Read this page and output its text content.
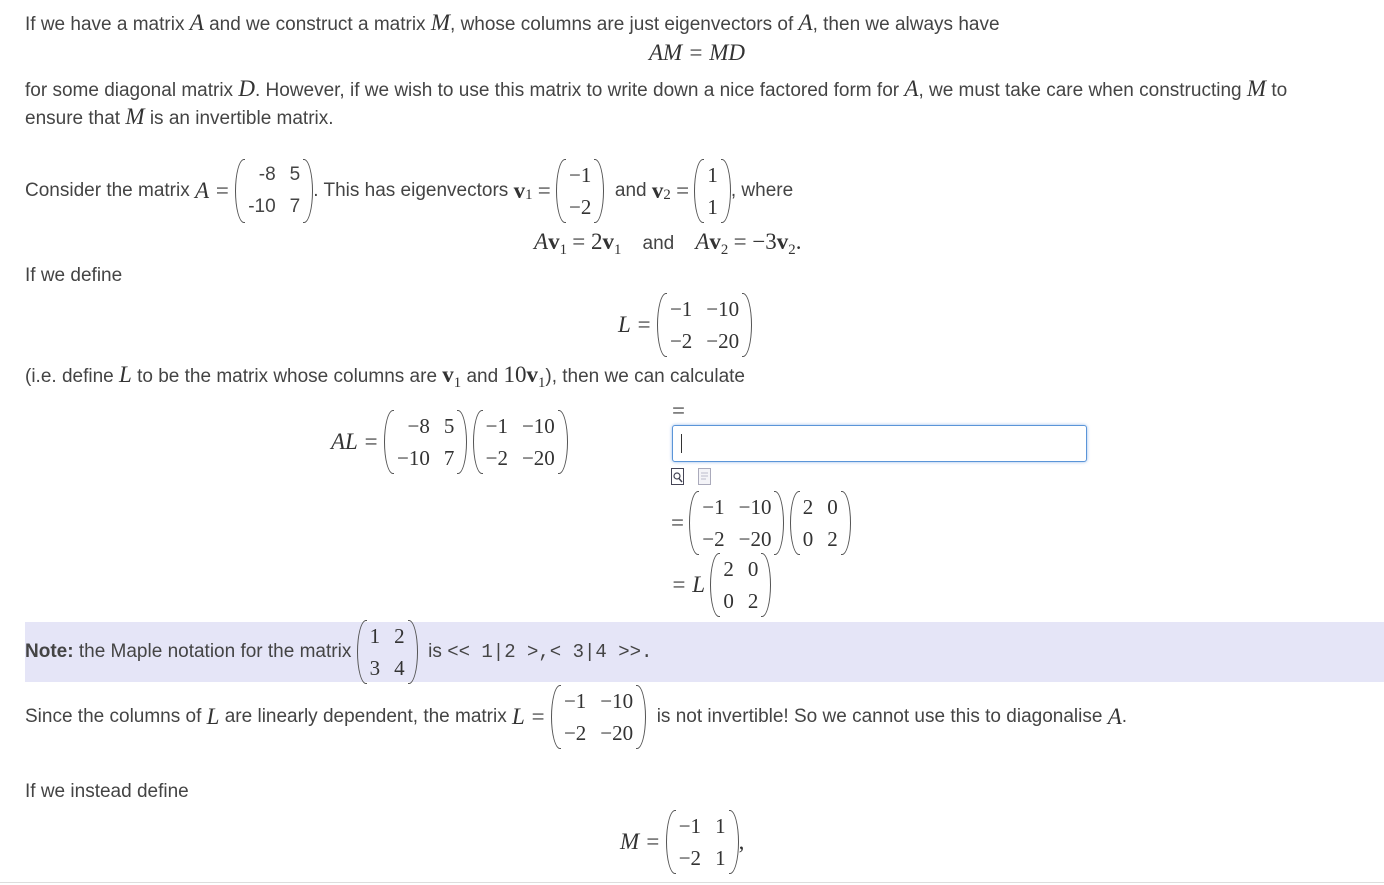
If we have a matrix A and we construct a matrix M, whose columns are just eigenvectors of A, then we always have
AM = MD
for some diagonal matrix D. However, if we wish to use this matrix to write down a nice factored form for A, we must take care when constructing M to
ensure that M is an invertible matrix.
Consider the matrix
A =

-8 5
-10 7
. This has eigenvectors
v 1
=

−1
−2

and
v 2
=

1
1
, where
$Av_1 = 2v_1$ and $Av_2 = -3v_2$.
If we define
L =

−1 −10
−2 −20
(i.e. define L to be the matrix whose columns are $v_1$ and $10v_1$), then we can calculate
AL =

−8 5
−10 7

−1 −10
−2 −20
=
=

−1 −10
−2 −20

2 0
0 2
= L

2 0
0 2
Note:
the Maple notation for the matrix

1 2
3 4

is
<< 1|2 >,< 3|4 >>.
Since the columns of
L
are linearly dependent, the matrix
L =

−1 −10
−2 −20

is not invertible! So we cannot use this to diagonalise
A .
If we instead define
M =

−1 1
−2 1
,
